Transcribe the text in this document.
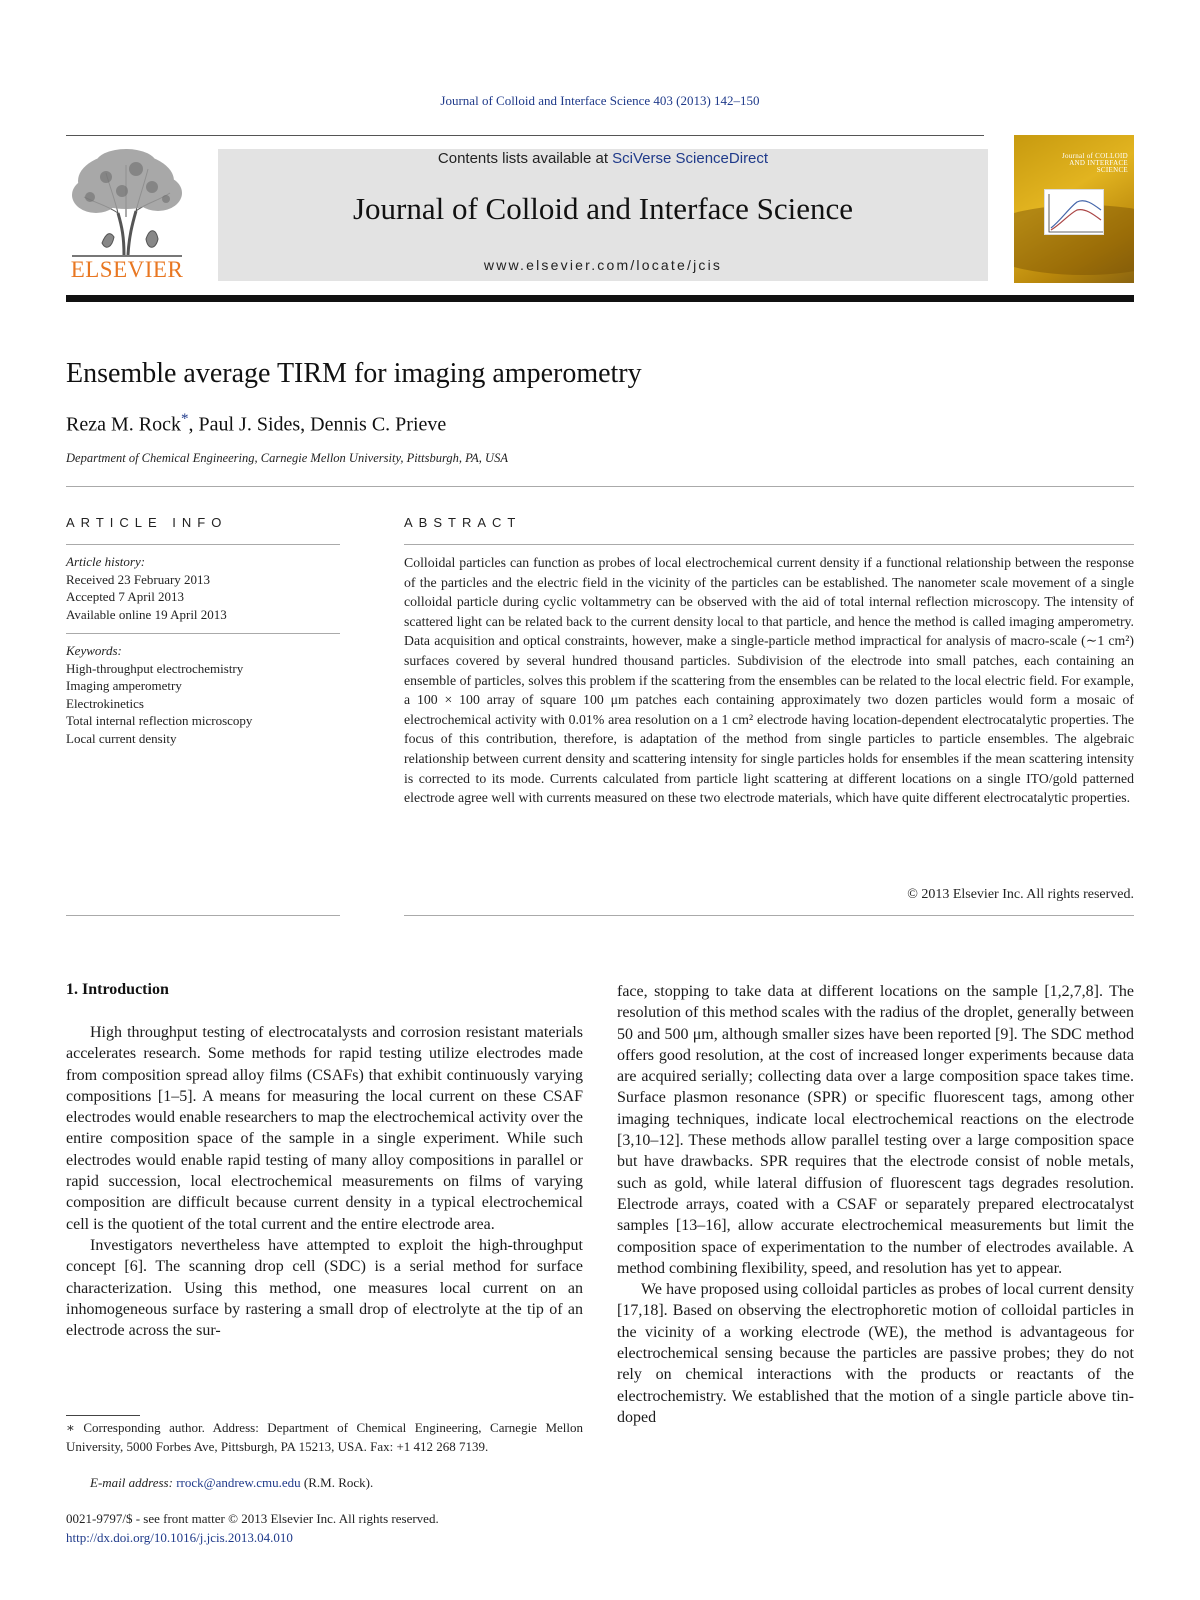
Journal of Colloid and Interface Science 403 (2013) 142–150
ELSEVIER
Contents lists available at SciVerse ScienceDirect
Journal of Colloid and Interface Science
www.elsevier.com/locate/jcis
Journal of COLLOID AND INTERFACE SCIENCE
Ensemble average TIRM for imaging amperometry
Reza M. Rock*, Paul J. Sides, Dennis C. Prieve
Department of Chemical Engineering, Carnegie Mellon University, Pittsburgh, PA, USA
ARTICLE INFO	ABSTRACT
Article history:
Received 23 February 2013
Accepted 7 April 2013
Available online 19 April 2013
Keywords:
High-throughput electrochemistry
Imaging amperometry
Electrokinetics
Total internal reflection microscopy
Local current density
Colloidal particles can function as probes of local electrochemical current density if a functional relationship between the response of the particles and the electric field in the vicinity of the particles can be established. The nanometer scale movement of a single colloidal particle during cyclic voltammetry can be observed with the aid of total internal reflection microscopy. The intensity of scattered light can be related back to the current density local to that particle, and hence the method is called imaging amperometry. Data acquisition and optical constraints, however, make a single-particle method impractical for analysis of macro-scale (∼1 cm²) surfaces covered by several hundred thousand particles. Subdivision of the electrode into small patches, each containing an ensemble of particles, solves this problem if the scattering from the ensembles can be related to the local electric field. For example, a 100 × 100 array of square 100 μm patches each containing approximately two dozen particles would form a mosaic of electrochemical activity with 0.01% area resolution on a 1 cm² electrode having location-dependent electrocatalytic properties. The focus of this contribution, therefore, is adaptation of the method from single particles to particle ensembles. The algebraic relationship between current density and scattering intensity for single particles holds for ensembles if the mean scattering intensity is corrected to its mode. Currents calculated from particle light scattering at different locations on a single ITO/gold patterned electrode agree well with currents measured on these two electrode materials, which have quite different electrocatalytic properties.
© 2013 Elsevier Inc. All rights reserved.
1. Introduction

High throughput testing of electrocatalysts and corrosion resistant materials accelerates research. Some methods for rapid testing utilize electrodes made from composition spread alloy films (CSAFs) that exhibit continuously varying compositions [1–5]. A means for measuring the local current on these CSAF electrodes would enable researchers to map the electrochemical activity over the entire composition space of the sample in a single experiment. While such electrodes would enable rapid testing of many alloy compositions in parallel or rapid succession, local electrochemical measurements on films of varying composition are difficult because current density in a typical electrochemical cell is the quotient of the total current and the entire electrode area.

Investigators nevertheless have attempted to exploit the high-throughput concept [6]. The scanning drop cell (SDC) is a serial method for surface characterization. Using this method, one measures local current on an inhomogeneous surface by rastering a small drop of electrolyte at the tip of an electrode across the sur-

face, stopping to take data at different locations on the sample [1,2,7,8]. The resolution of this method scales with the radius of the droplet, generally between 50 and 500 μm, although smaller sizes have been reported [9]. The SDC method offers good resolution, at the cost of increased longer experiments because data are acquired serially; collecting data over a large composition space takes time. Surface plasmon resonance (SPR) or specific fluorescent tags, among other imaging techniques, indicate local electrochemical reactions on the electrode [3,10–12]. These methods allow parallel testing over a large composition space but have drawbacks. SPR requires that the electrode consist of noble metals, such as gold, while lateral diffusion of fluorescent tags degrades resolution. Electrode arrays, coated with a CSAF or separately prepared electrocatalyst samples [13–16], allow accurate electrochemical measurements but limit the composition space of experimentation to the number of electrodes available. A method combining flexibility, speed, and resolution has yet to appear.

We have proposed using colloidal particles as probes of local current density [17,18]. Based on observing the electrophoretic motion of colloidal particles in the vicinity of a working electrode (WE), the method is advantageous for electrochemical sensing because the particles are passive probes; they do not rely on chemical interactions with the products or reactants of the electrochemistry. We established that the motion of a single particle above tin-doped

∗ Corresponding author. Address: Department of Chemical Engineering, Carnegie Mellon University, 5000 Forbes Ave, Pittsburgh, PA 15213, USA. Fax: +1 412 268 7139.
E-mail address: rrock@andrew.cmu.edu (R.M. Rock).
0021-9797/$ - see front matter © 2013 Elsevier Inc. All rights reserved.
http://dx.doi.org/10.1016/j.jcis.2013.04.010
